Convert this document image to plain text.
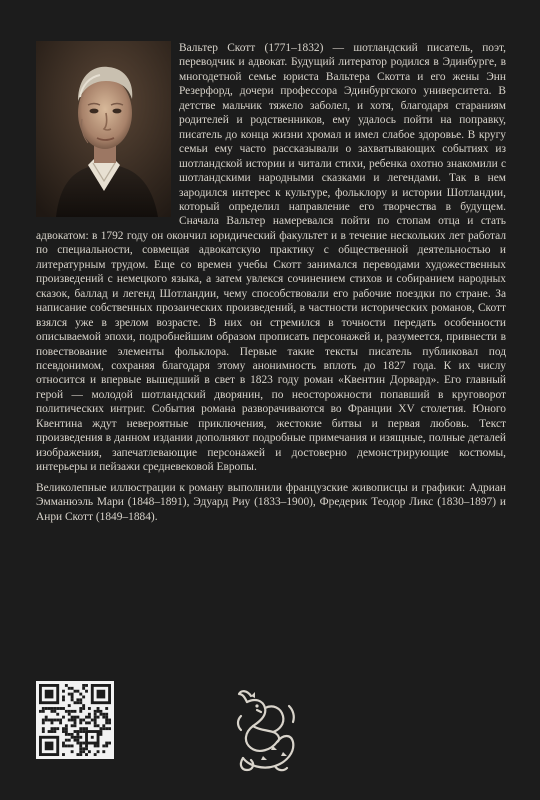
Вальтер Скотт (1771–1832) — шотландский писатель, поэт, переводчик и адвокат. Будущий литератор родился в Эдинбурге, в многодетной семье юриста Вальтера Скотта и его жены Энн Резерфорд, дочери профессора Эдинбургского университета. В детстве мальчик тяжело заболел, и хотя, благодаря стараниям родителей и родственников, ему удалось пойти на поправку, писатель до конца жизни хромал и имел слабое здоровье. В кругу семьи ему часто рассказывали о захватывающих событиях из шотландской истории и читали стихи, ребенка охотно знакомили с шотландскими народными сказками и легендами. Так в нем зародился интерес к культуре, фольклору и истории Шотландии, который определил направление его творчества в будущем. Сначала Вальтер намеревался пойти по стопам отца и стать адвокатом: в 1792 году он окончил юридический факультет и в течение нескольких лет работал по специальности, совмещая адвокатскую практику с общественной деятельностью и литературным трудом. Еще со времен учебы Скотт занимался переводами художественных произведений с немецкого языка, а затем увлекся сочинением стихов и собиранием народных сказок, баллад и легенд Шотландии, чему способствовали его рабочие поездки по стране. За написание собственных прозаических произведений, в частности исторических романов, Скотт взялся уже в зрелом возрасте. В них он стремился в точности передать особенности описываемой эпохи, подробнейшим образом прописать персонажей и, разумеется, привнести в повествование элементы фольклора. Первые такие тексты писатель публиковал под псевдонимом, сохраняя благодаря этому анонимность вплоть до 1827 года. К их числу относится и впервые вышедший в свет в 1823 году роман «Квентин Дорвард». Его главный герой — молодой шотландский дворянин, по неосторожности попавший в круговорот политических интриг. События романа разворачиваются во Франции XV столетия. Юного Квентина ждут невероятные приключения, жестокие битвы и первая любовь. Текст произведения в данном издании дополняют подробные примечания и изящные, полные деталей изображения, запечатлевающие персонажей и достоверно демонстрирующие костюмы, интерьеры и пейзажи средневековой Европы.

Великолепные иллюстрации к роману выполнили французские живописцы и графики: Адриан Эмманюэль Мари (1848–1891), Эдуард Риу (1833–1900), Фредерик Теодор Ликс (1830–1897) и Анри Скотт (1849–1884).
